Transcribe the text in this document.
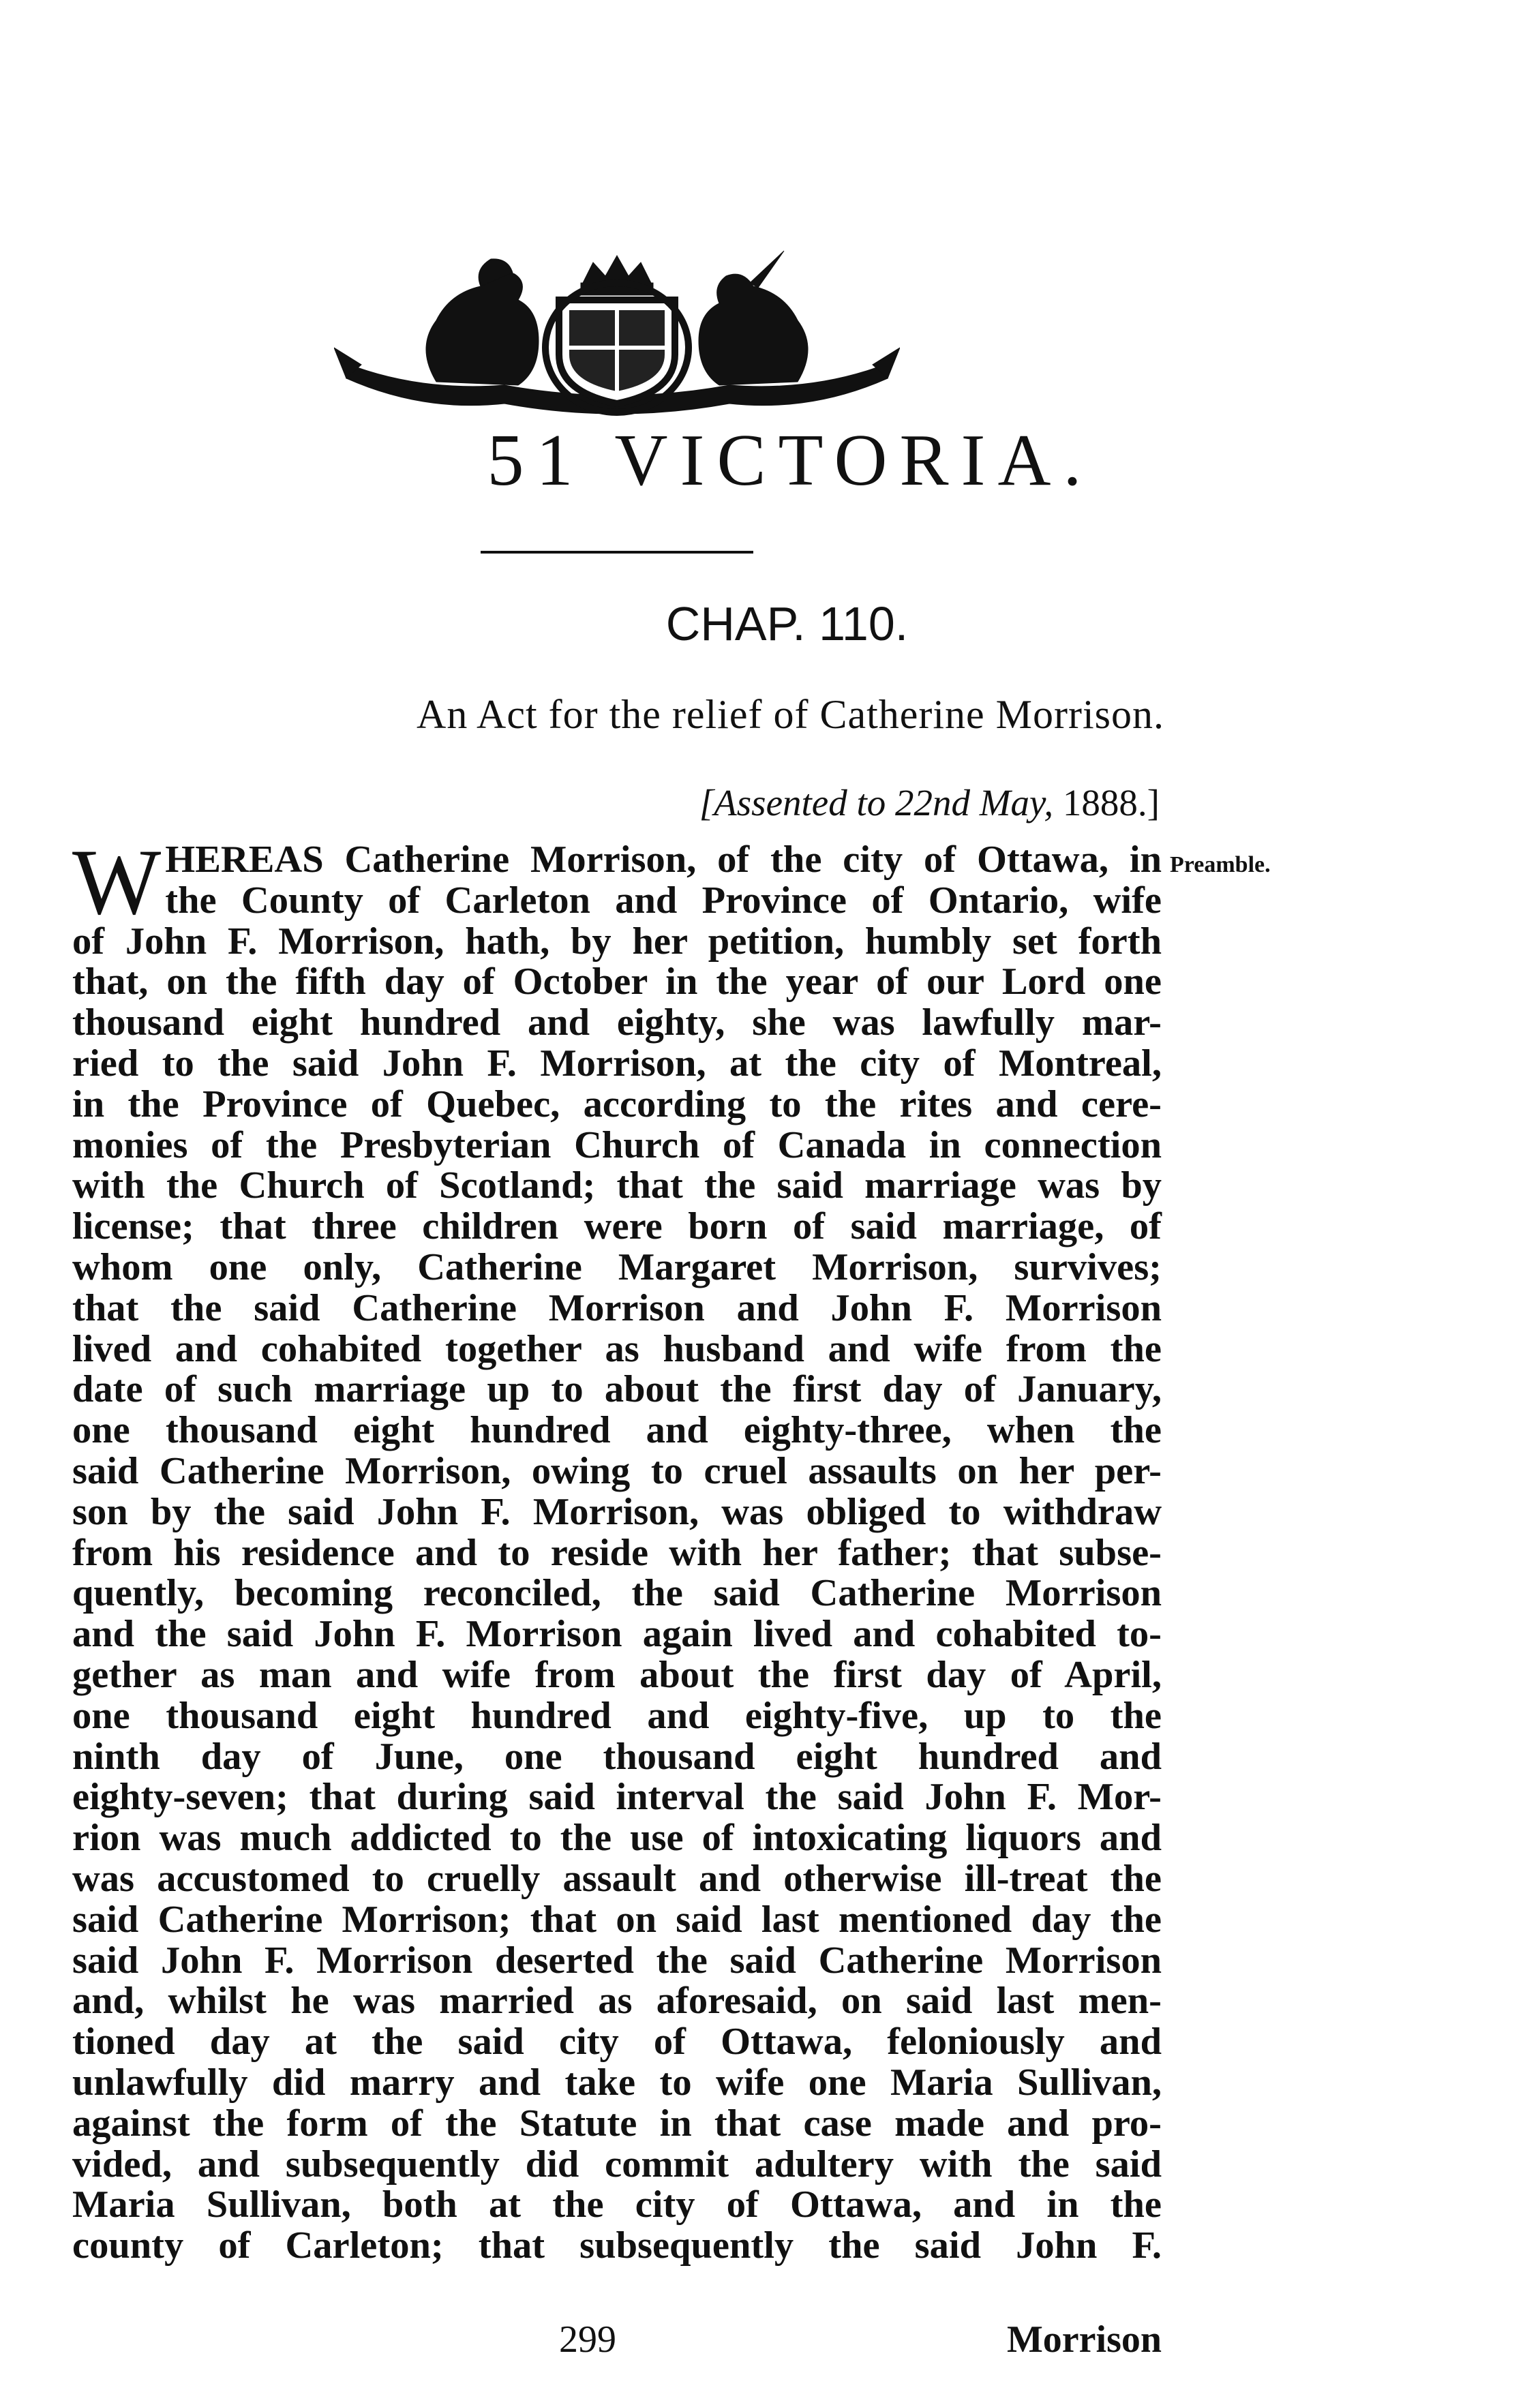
51 VICTORIA.
CHAP. 110.
An Act for the relief of Catherine Morrison.
[Assented to 22nd May, 1888.]
Preamble.
W HEREAS Catherine Morrison, of the city of Ottawa, in
the County of Carleton and Province of Ontario, wife
of John F. Morrison, hath, by her petition, humbly set forth
that, on the fifth day of October in the year of our Lord one
thousand eight hundred and eighty, she was lawfully mar-
ried to the said John F. Morrison, at the city of Montreal,
in the Province of Quebec, according to the rites and cere-
monies of the Presbyterian Church of Canada in connection
with the Church of Scotland; that the said marriage was by
license; that three children were born of said marriage, of
whom one only, Catherine Margaret Morrison, survives;
that the said Catherine Morrison and John F. Morrison
lived and cohabited together as husband and wife from the
date of such marriage up to about the first day of January,
one thousand eight hundred and eighty-three, when the
said Catherine Morrison, owing to cruel assaults on her per-
son by the said John F. Morrison, was obliged to withdraw
from his residence and to reside with her father; that subse-
quently, becoming reconciled, the said Catherine Morrison
and the said John F. Morrison again lived and cohabited to-
gether as man and wife from about the first day of April,
one thousand eight hundred and eighty-five, up to the
ninth day of June, one thousand eight hundred and
eighty-seven; that during said interval the said John F. Mor-
rion was much addicted to the use of intoxicating liquors and
was accustomed to cruelly assault and otherwise ill-treat the
said Catherine Morrison; that on said last mentioned day the
said John F. Morrison deserted the said Catherine Morrison
and, whilst he was married as aforesaid, on said last men-
tioned day at the said city of Ottawa, feloniously and
unlawfully did marry and take to wife one Maria Sullivan,
against the form of the Statute in that case made and pro-
vided, and subsequently did commit adultery with the said
Maria Sullivan, both at the city of Ottawa, and in the
county of Carleton; that subsequently the said John F.
299	Morrison
